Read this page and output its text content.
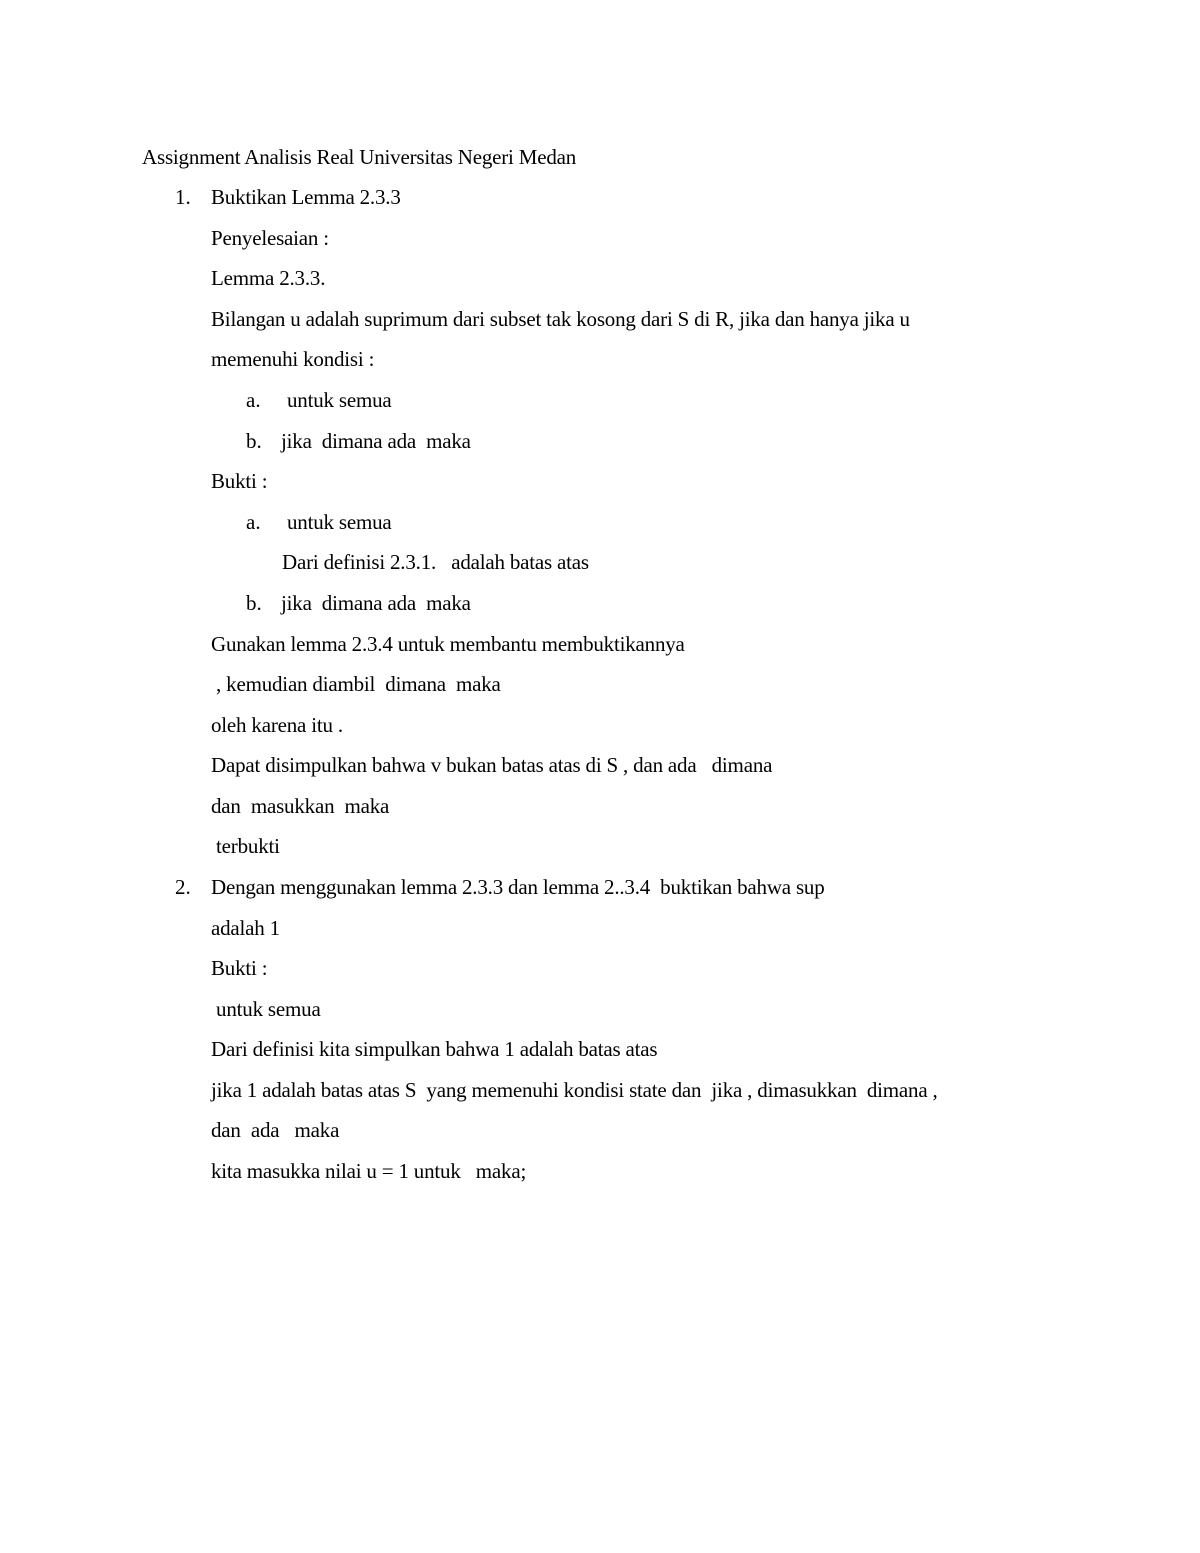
Assignment Analisis Real Universitas Negeri Medan
1. Buktikan Lemma 2.3.3
Penyelesaian :
Lemma 2.3.3.
Bilangan u adalah suprimum dari subset tak kosong dari S di R, jika dan hanya jika u
memenuhi kondisi :
a. untuk semua
b. jika  dimana ada  maka
Bukti :
a. untuk semua
Dari definisi 2.3.1.   adalah batas atas
b. jika  dimana ada  maka
Gunakan lemma 2.3.4 untuk membantu membuktikannya
, kemudian diambil  dimana  maka
oleh karena itu .
Dapat disimpulkan bahwa v bukan batas atas di S , dan ada   dimana
dan  masukkan  maka
terbukti
2. Dengan menggunakan lemma 2.3.3 dan lemma 2..3.4  buktikan bahwa sup
adalah 1
Bukti :
untuk semua
Dari definisi kita simpulkan bahwa 1 adalah batas atas
jika 1 adalah batas atas S  yang memenuhi kondisi state dan  jika , dimasukkan  dimana ,
dan  ada   maka
kita masukka nilai u = 1 untuk   maka;
